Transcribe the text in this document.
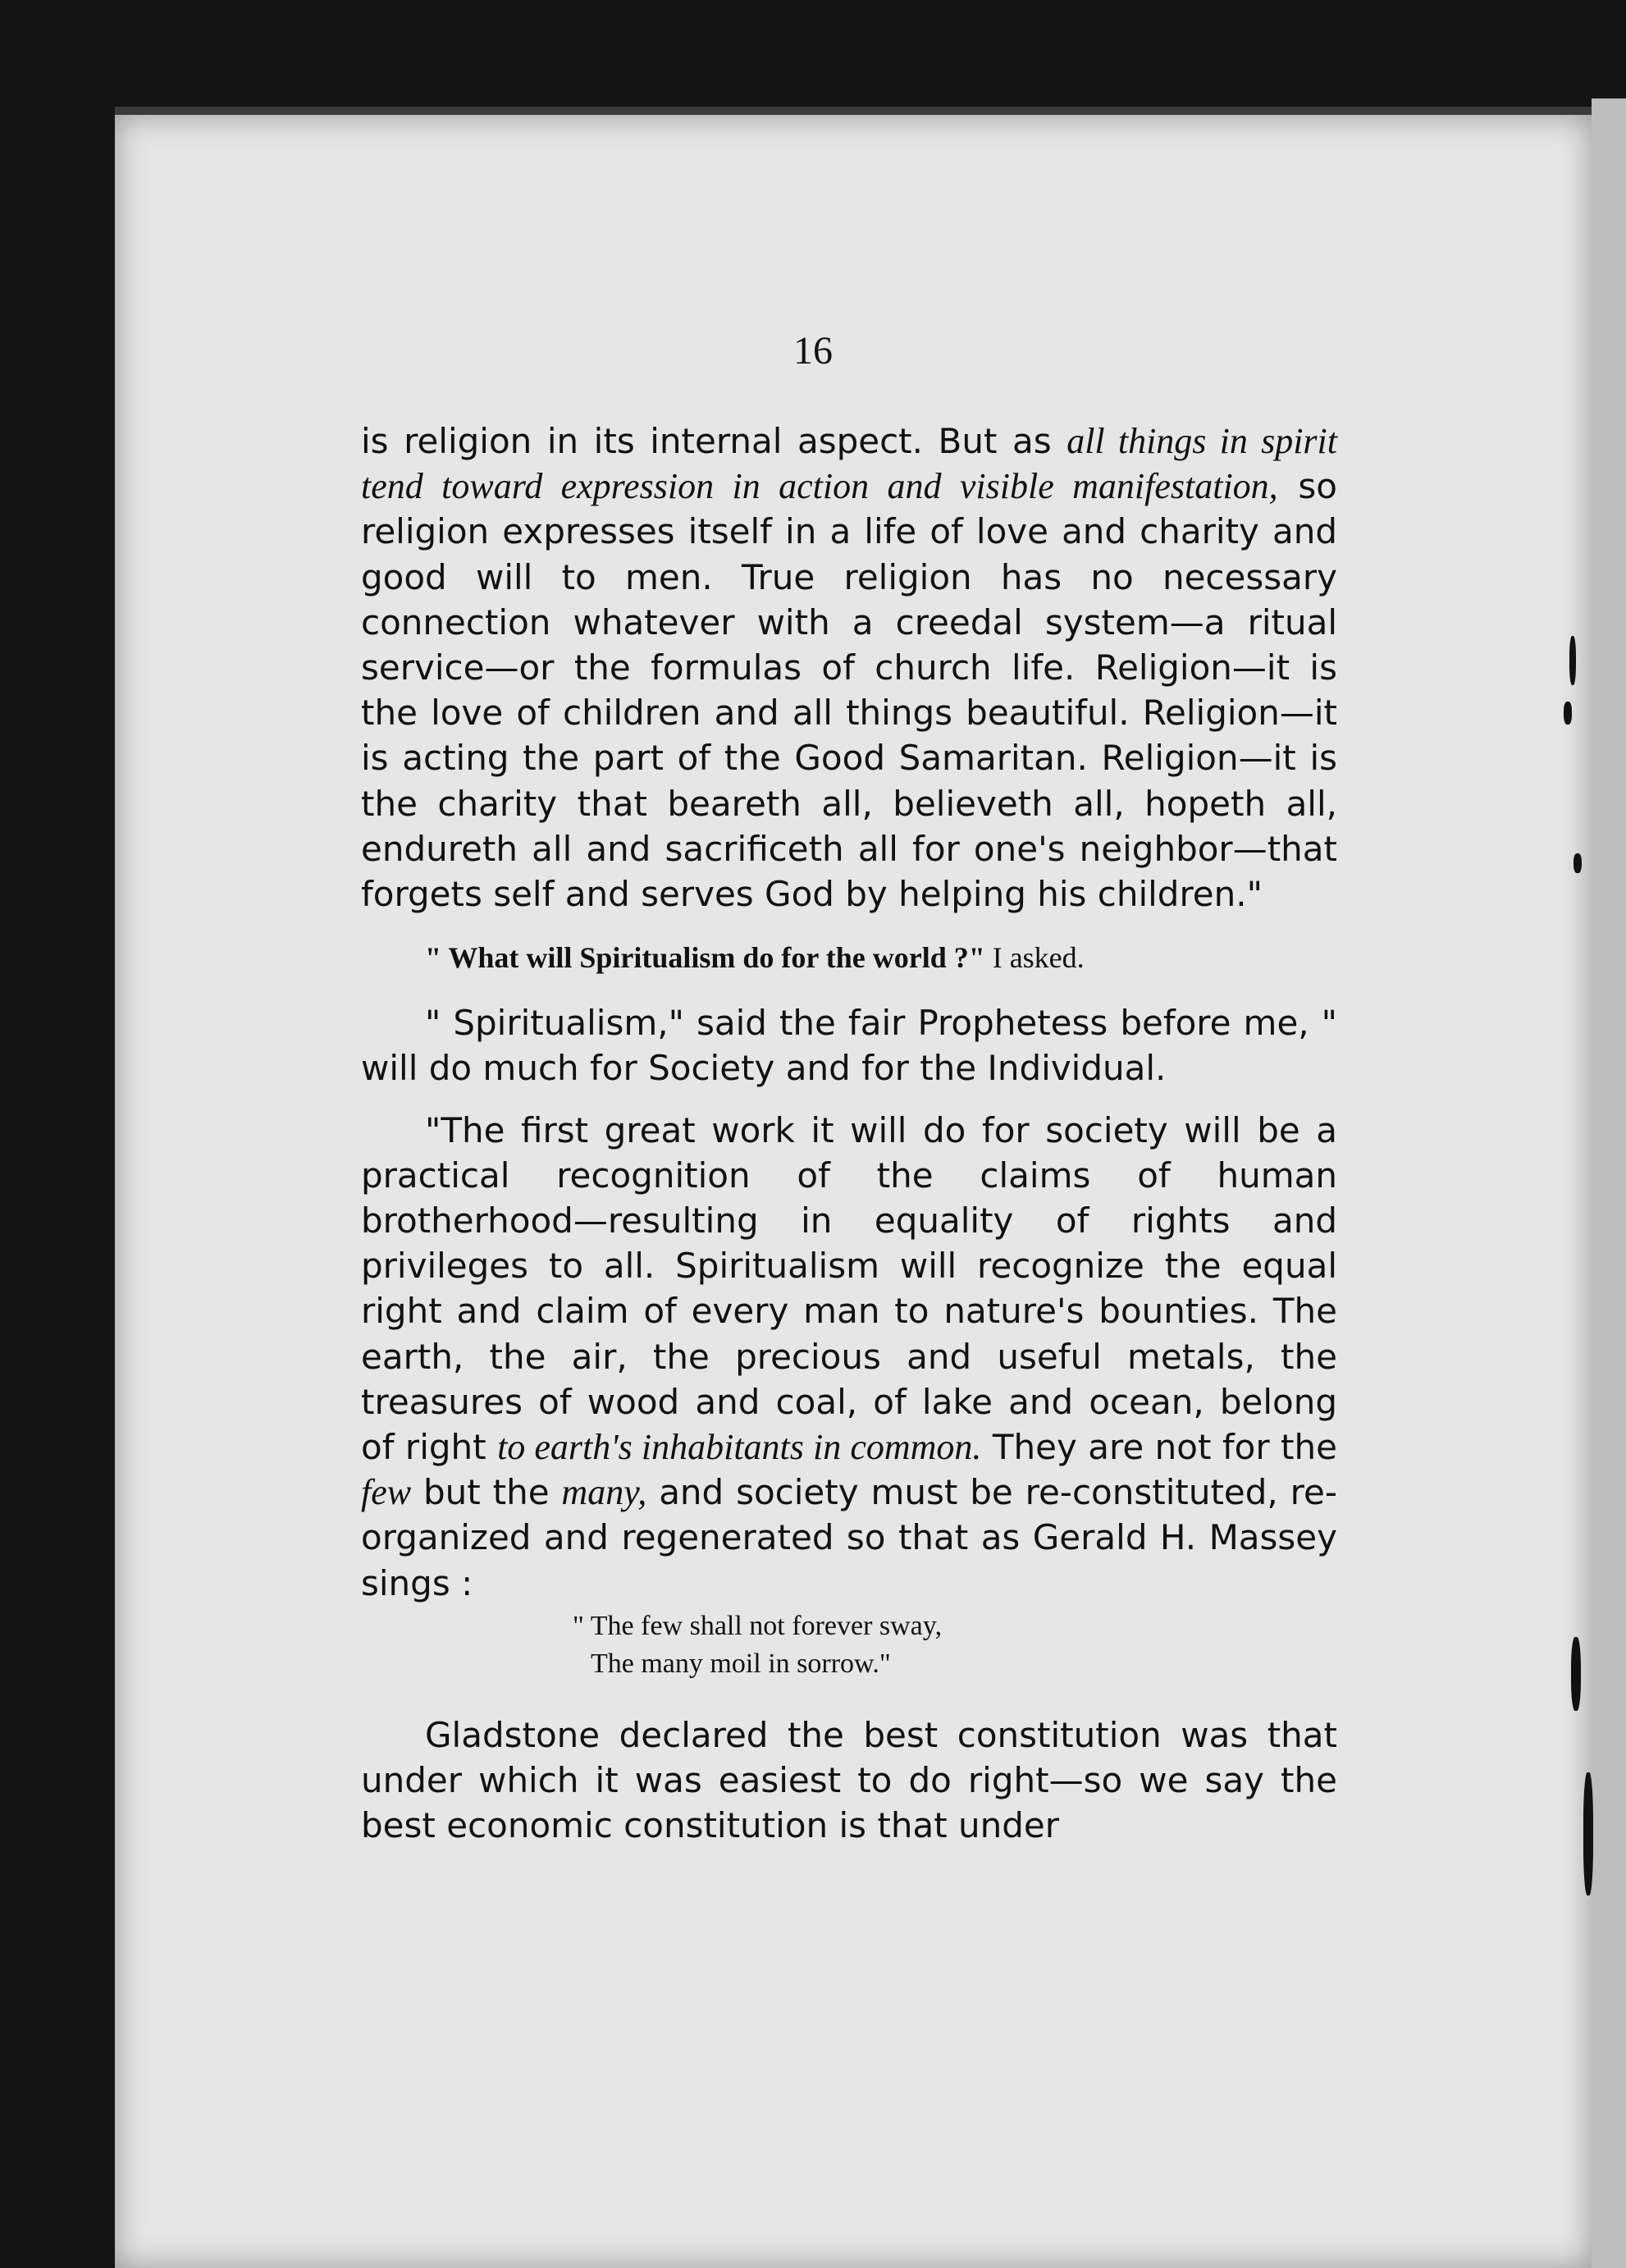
16

is religion in its internal aspect. But as all things in spirit tend toward expression in action and visible manifestation, so religion expresses itself in a life of love and charity and good will to men. True religion has no necessary connection whatever with a creedal system—a ritual service—or the formulas of church life. Religion—it is the love of children and all things beautiful. Religion—it is acting the part of the Good Samaritan. Religion—it is the charity that beareth all, believeth all, hopeth all, endureth all and sacrificeth all for one's neighbor—that forgets self and serves God by helping his children."

" What will Spiritualism do for the world ?" I asked.

" Spiritualism," said the fair Prophetess before me, " will do much for Society and for the Individual.

"The first great work it will do for society will be a practical recognition of the claims of human brotherhood—resulting in equality of rights and privileges to all. Spiritualism will recognize the equal right and claim of every man to nature's bounties. The earth, the air, the precious and useful metals, the treasures of wood and coal, of lake and ocean, belong of right to earth's inhabitants in common. They are not for the few but the many, and society must be re-constituted, re-organized and regenerated so that as Gerald H. Massey sings :

" The few shall not forever sway,
The many moil in sorrow."

Gladstone declared the best constitution was that under which it was easiest to do right—so we say the best economic constitution is that under
